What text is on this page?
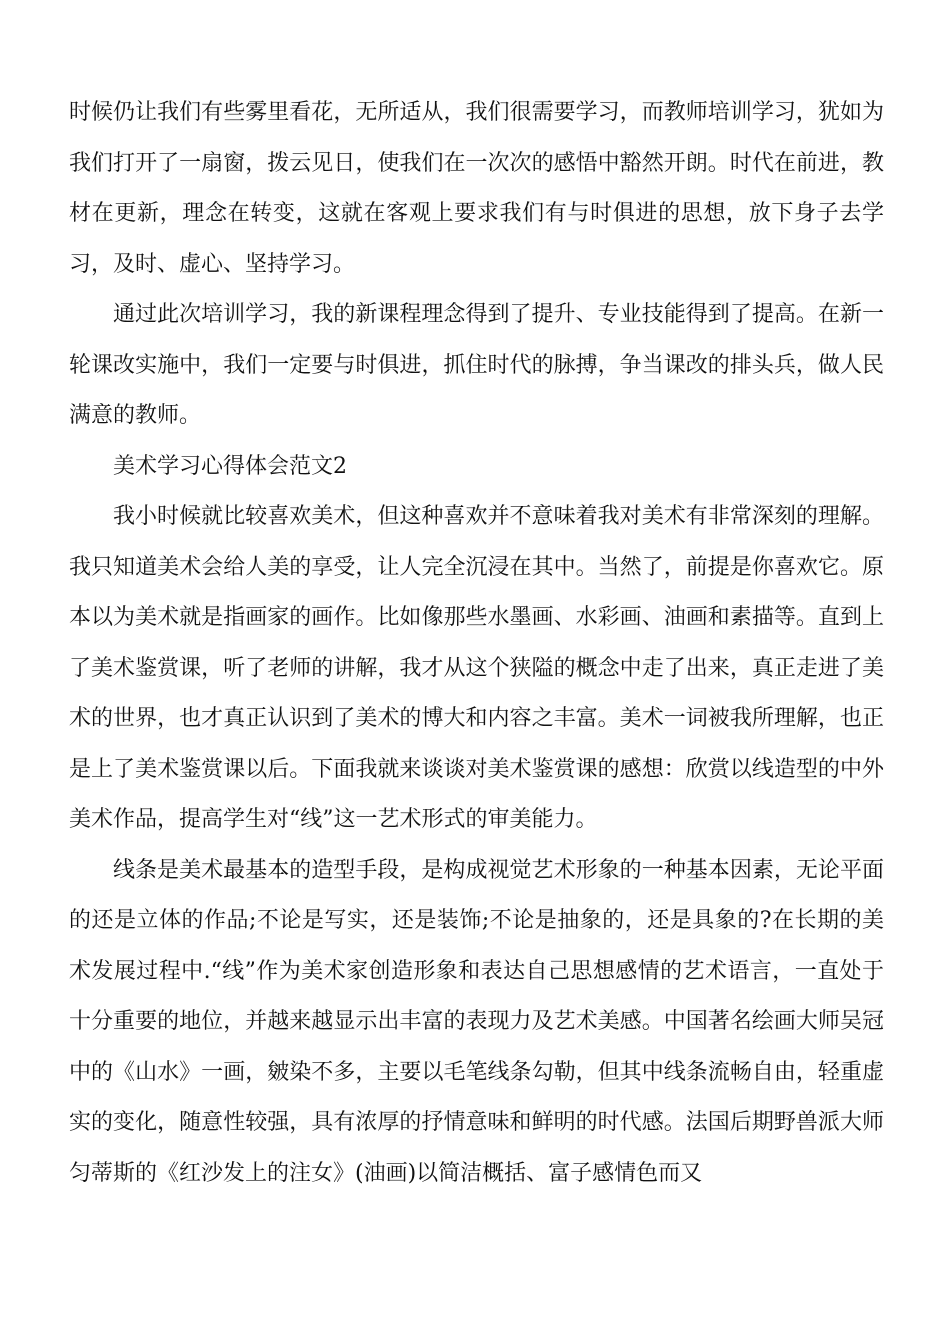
时候仍让我们有些雾里看花，无所适从，我们很需要学习，而教师培训学习，犹如为我们打开了一扇窗，拨云见日，使我们在一次次的感悟中豁然开朗。时代在前进，教材在更新，理念在转变，这就在客观上要求我们有与时俱进的思想，放下身子去学习，及时、虚心、坚持学习。

通过此次培训学习，我的新课程理念得到了提升、专业技能得到了提高。在新一轮课改实施中，我们一定要与时俱进，抓住时代的脉搏，争当课改的排头兵，做人民满意的教师。

美术学习心得体会范文2

我小时候就比较喜欢美术，但这种喜欢并不意味着我对美术有非常深刻的理解。我只知道美术会给人美的享受，让人完全沉浸在其中。当然了，前提是你喜欢它。原本以为美术就是指画家的画作。比如像那些水墨画、水彩画、油画和素描等。直到上了美术鉴赏课，听了老师的讲解，我才从这个狭隘的概念中走了出来，真正走进了美术的世界，也才真正认识到了美术的博大和内容之丰富。美术一词被我所理解，也正是上了美术鉴赏课以后。下面我就来谈谈对美术鉴赏课的感想：欣赏以线造型的中外美术作品，提高学生对“线”这一艺术形式的审美能力。

线条是美术最基本的造型手段，是构成视觉艺术形象的一种基本因素，无论平面的还是立体的作品;不论是写实，还是装饰;不论是抽象的，还是具象的?在长期的美术发展过程中.“线”作为美术家创造形象和表达自己思想感情的艺术语言，一直处于十分重要的地位，并越来越显示出丰富的表现力及艺术美感。中国著名绘画大师吴冠中的《山水》一画，皴染不多，主要以毛笔线条勾勒，但其中线条流畅自由，轻重虚实的变化，随意性较强，具有浓厚的抒情意味和鲜明的时代感。法国后期野兽派大师匀蒂斯的《红沙发上的注女》(油画)以简洁概括、富子感情色而又
